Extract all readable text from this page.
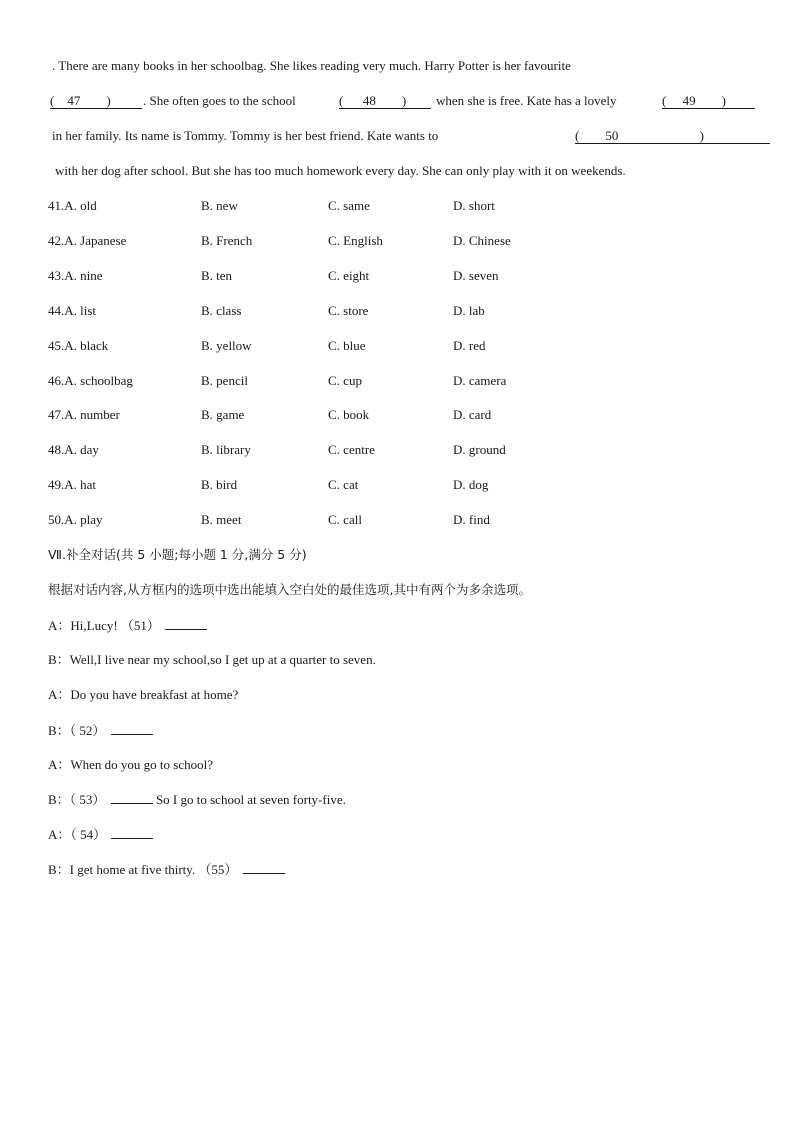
. There are many books in her schoolbag. She likes reading very much. Harry Potter is her favourite
(    47        )	. She often goes to the school	(      48        )	when she is free. Kate has a lovely	(     49        )
in her family. Its name is Tommy. Tommy is her best friend. Kate wants to	(        50                         )
with her dog after school. But she has too much homework every day. She can only play with it on weekends.
41.A. old	B. new	C. same	D. short
42.A. Japanese	B. French	C. English	D. Chinese
43.A. nine	B. ten	C. eight	D. seven
44.A. list	B. class	C. store	D. lab
45.A. black	B. yellow	C. blue	D. red
46.A. schoolbag	B. pencil	C. cup	D. camera
47.A. number	B. game	C. book	D. card
48.A. day	B. library	C. centre	D. ground
49.A. hat	B. bird	C. cat	D. dog
50.A. play	B. meet	C. call	D. find
Ⅶ.补全对话(共 5 小题;每小题 1 分,满分 5 分)
根据对话内容,从方框内的选项中选出能填入空白处的最佳选项,其中有两个为多余选项。
A：Hi,Lucy! （51）
B：Well,I live near my school,so I get up at a quarter to seven.
A：Do you have breakfast at home?
B：（ 52）
A：When do you go to school?
B：（ 53）	So I go to school at seven forty-five.
A：（ 54）
B：I get home at five thirty. （55）
